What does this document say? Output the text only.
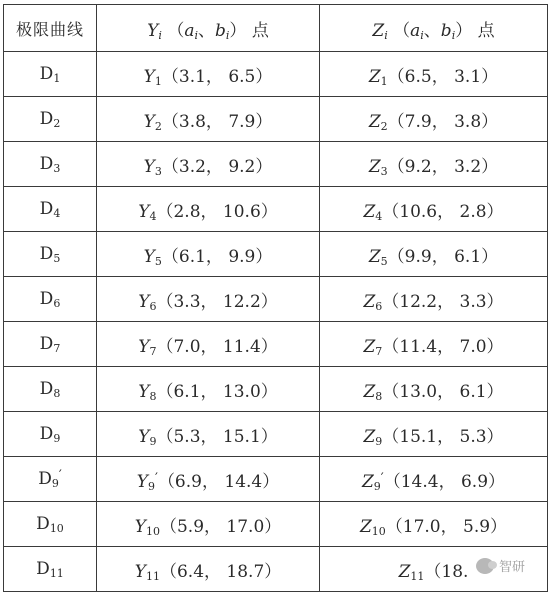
极限曲线	$Y_i$ （$a_i$、$b_i$） 点	$Z_i$ （$a_i$、$b_i$） 点
$D_1$	$Y_1(3.1$， 6.5）	$Z_1(6.5$， 3.1）
$D_2$	$Y_2(3.8$， 7.9）	$Z_2(7.9$， 3.8）
$D_3$	$Y_3(3.2$， 9.2）	$Z_3(9.2$， 3.2）
$D_4$	$Y_4(2.8$， 10.6）	$Z_4(10.6$， 2.8）
$D_5$	$Y_5(6.1$， 9.9）	$Z_5(9.9$， 6.1）
$D_6$	$Y_6(3.3$， 12.2）	$Z_6(12.2$， 3.3）
$D_7$	$Y_7(7.0$， 11.4）	$Z_7(11.4$， 7.0）
$D_8$	$Y_8(6.1$， 13.0）	$Z_8(13.0$， 6.1）
$D_9$	$Y_9(5.3$， 15.1）	$Z_9(15.1$， 5.3）
$D_9'$	$Y_9'(6.9$， 14.4）	$Z_9'(14.4$， 6.9）
$D_{10}$	$Y_{10}(5.9$， 17.0）	$Z_{10}(17.0$， 5.9）
$D_{11}$	$Y_{11}(6.4$， 18.7）	$Z_{11}(18$. 智研
